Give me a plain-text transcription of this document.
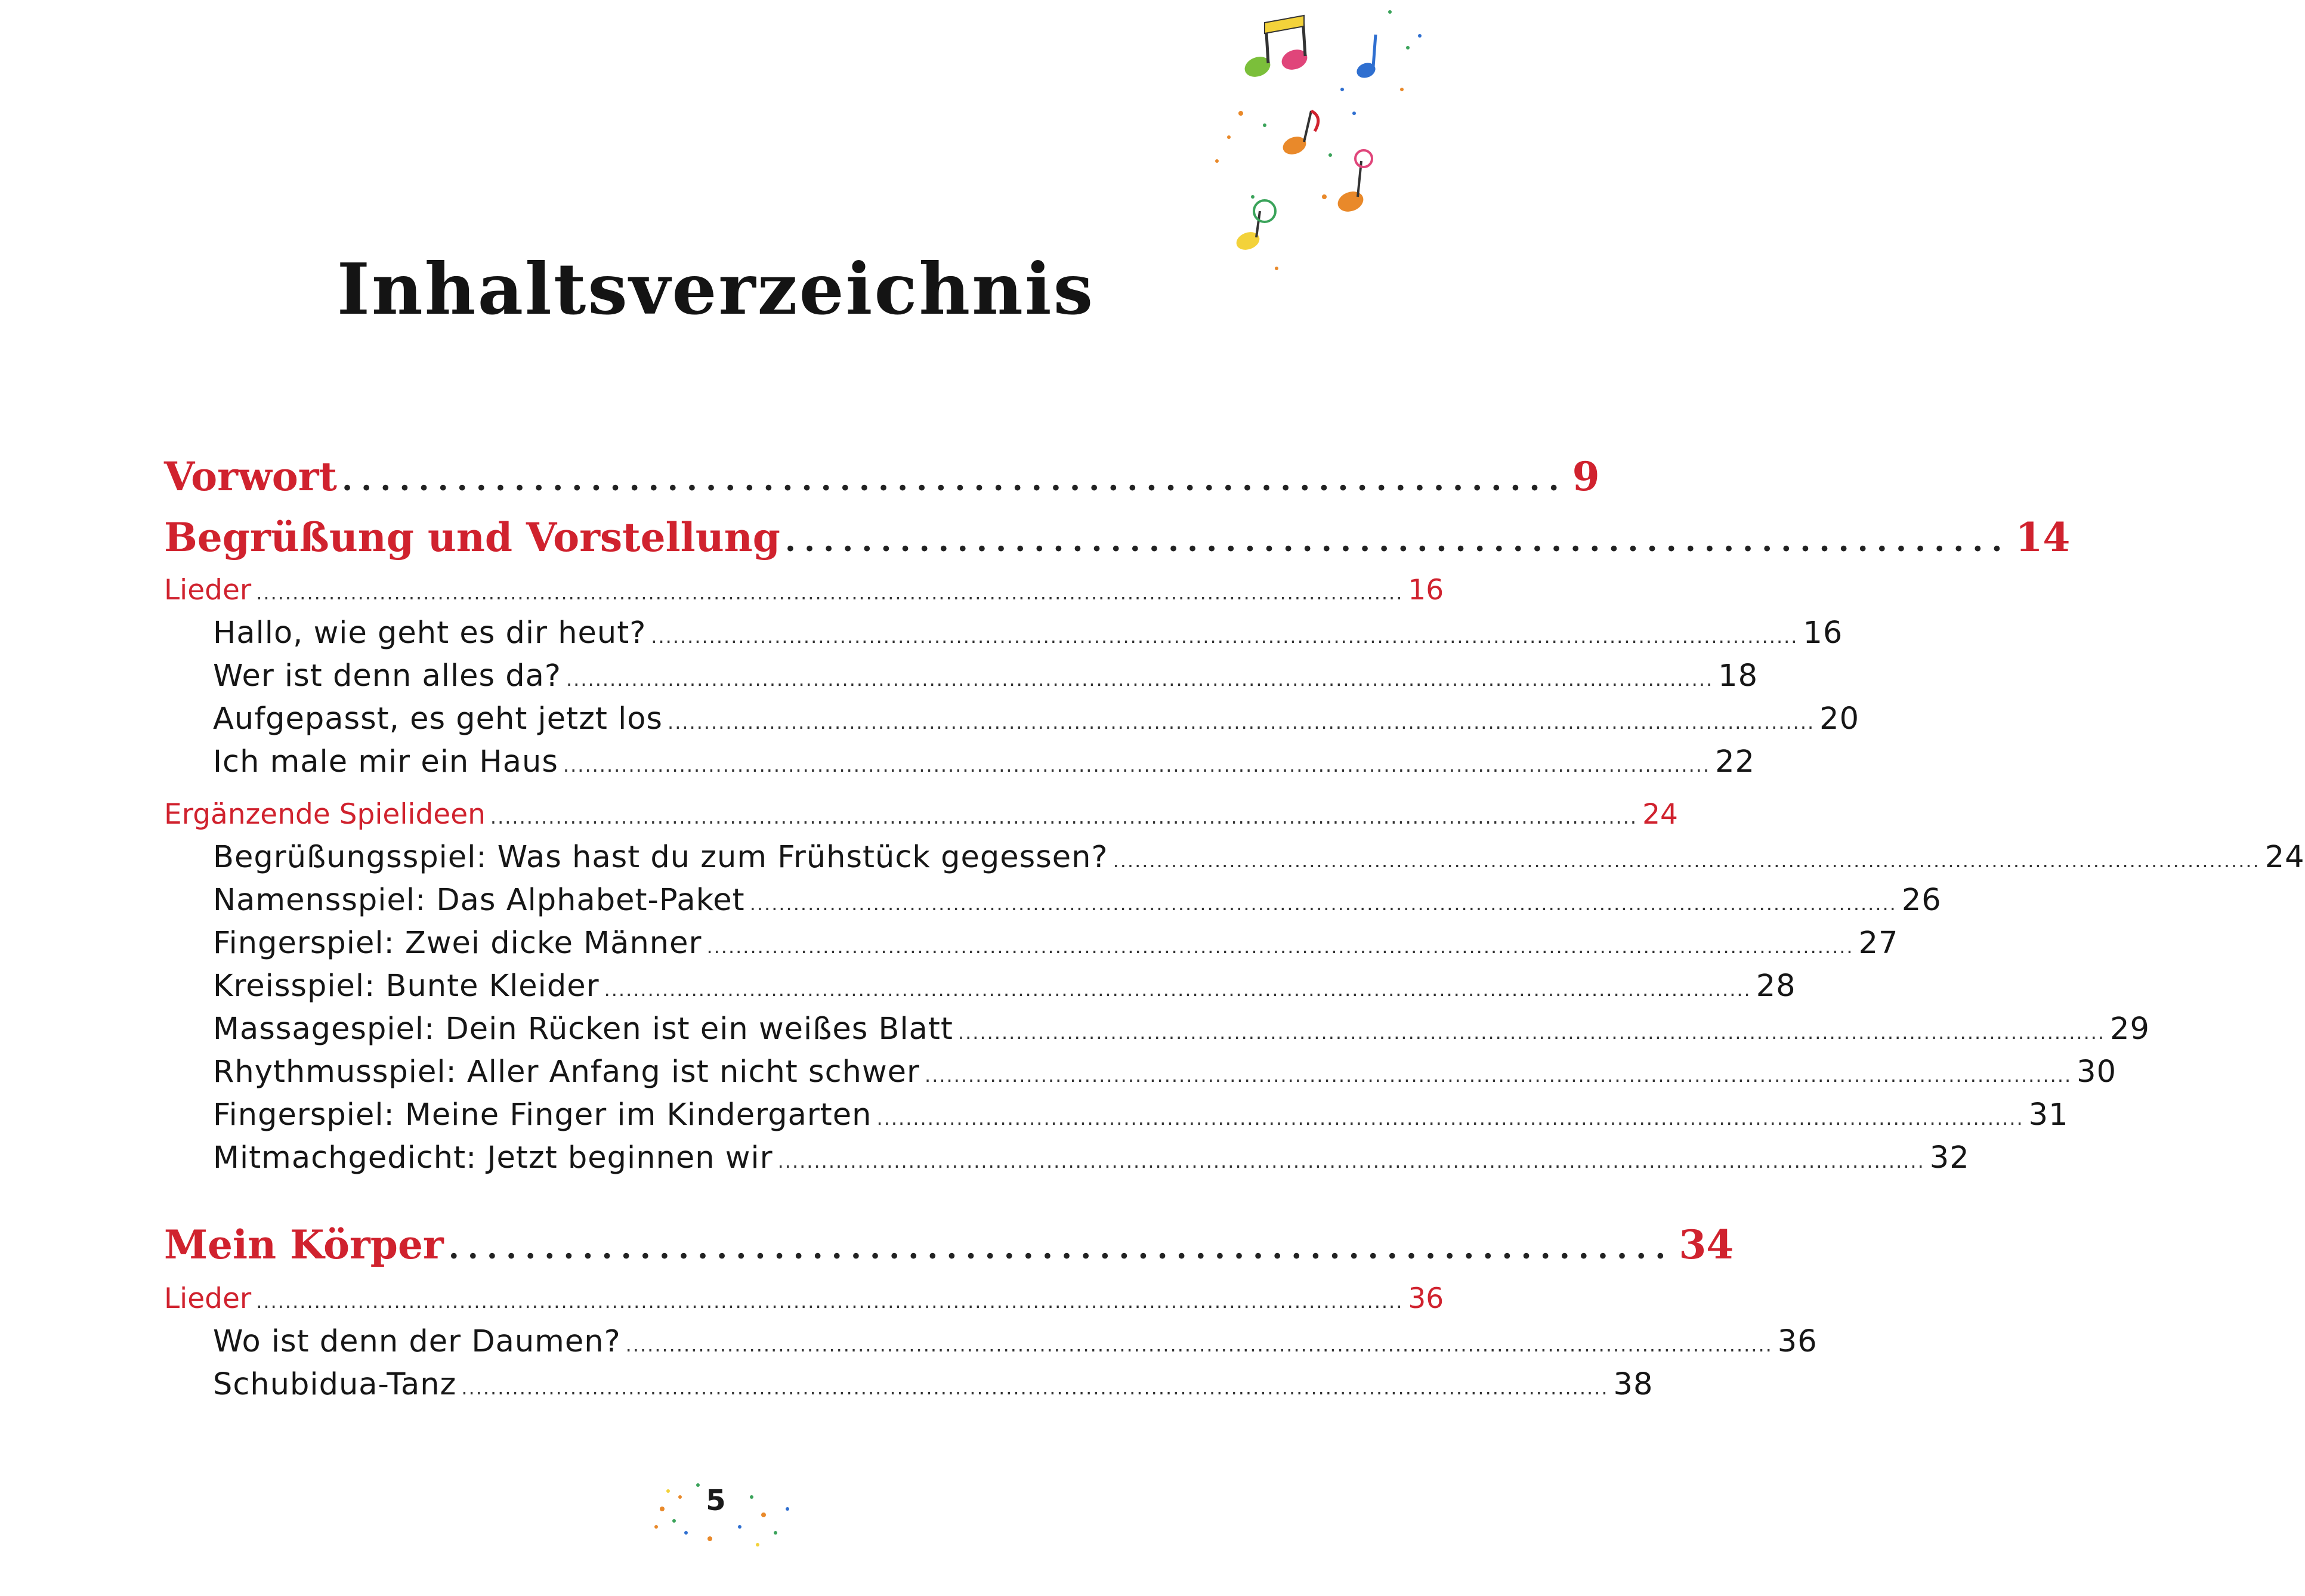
Inhaltsverzeichnis
Vorwort ................................................................ 9
Begrüßung und Vorstellung ................................................................ 14
Lieder .............................................................................................................................................................. 16
Hallo, wie geht es dir heut? .............................................................................................................................................................. 16
Wer ist denn alles da? .............................................................................................................................................................. 18
Aufgepasst, es geht jetzt los .............................................................................................................................................................. 20
Ich male mir ein Haus .............................................................................................................................................................. 22
Ergänzende Spielideen .............................................................................................................................................................. 24
Begrüßungsspiel: Was hast du zum Frühstück gegessen? .............................................................................................................................................................. 24
Namensspiel: Das Alphabet-Paket .............................................................................................................................................................. 26
Fingerspiel: Zwei dicke Männer .............................................................................................................................................................. 27
Kreisspiel: Bunte Kleider .............................................................................................................................................................. 28
Massagespiel: Dein Rücken ist ein weißes Blatt .............................................................................................................................................................. 29
Rhythmusspiel: Aller Anfang ist nicht schwer .............................................................................................................................................................. 30
Fingerspiel: Meine Finger im Kindergarten .............................................................................................................................................................. 31
Mitmachgedicht: Jetzt beginnen wir .............................................................................................................................................................. 32
Mein Körper ................................................................ 34
Lieder .............................................................................................................................................................. 36
Wo ist denn der Daumen? .............................................................................................................................................................. 36
Schubidua-Tanz .............................................................................................................................................................. 38
5
